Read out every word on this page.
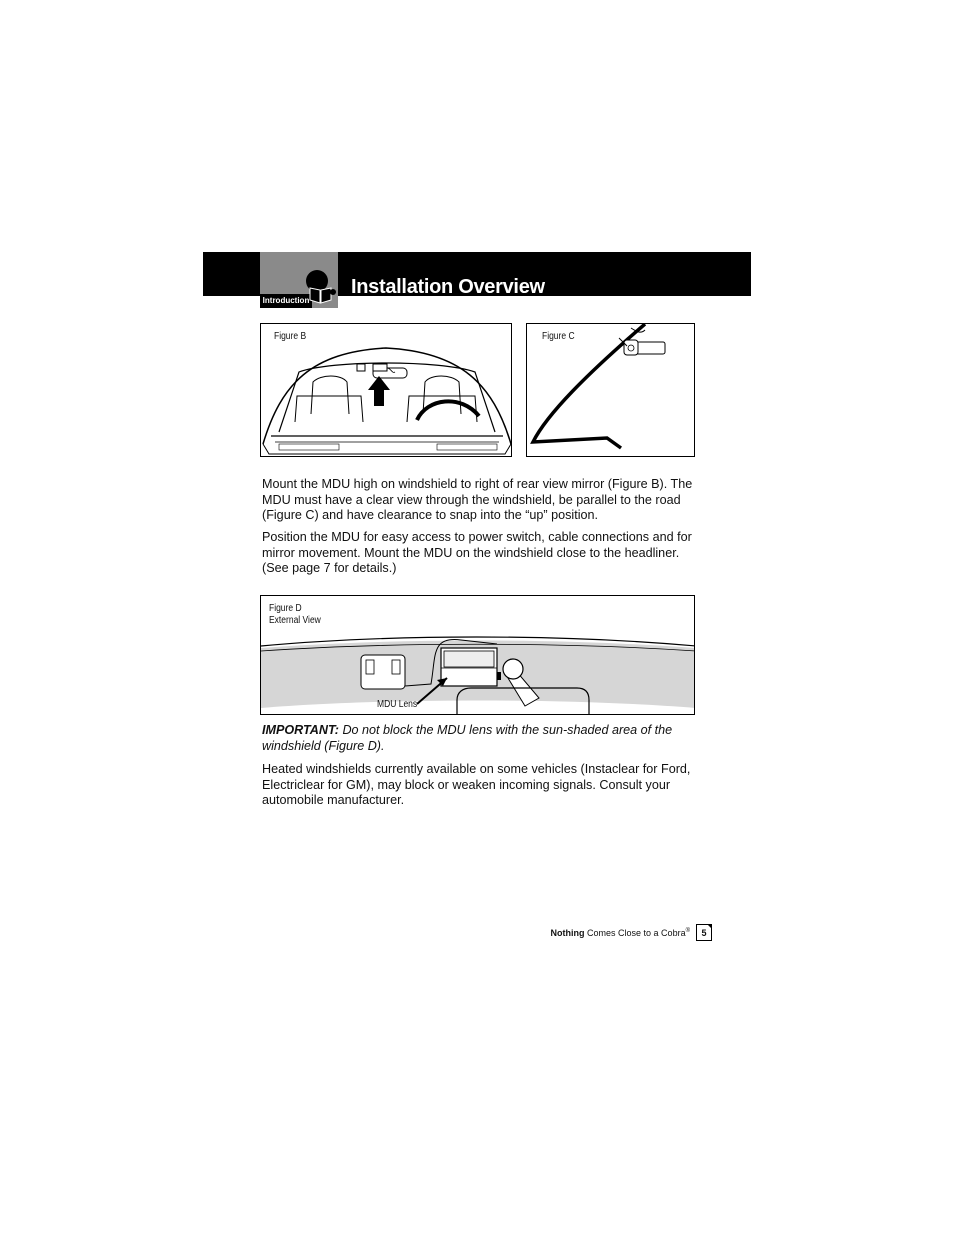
Introduction
Installation Overview
Figure B	Figure C

Mount the MDU high on windshield to right of rear view mirror (Figure B). The MDU must have a clear view through the windshield, be parallel to the road (Figure C) and have clearance to snap into the “up” position.

Position the MDU for easy access to power switch, cable connections and for mirror movement. Mount the MDU on the windshield close to the headliner. (See page 7 for details.)

Figure D
External View
MDU Lens

IMPORTANT: Do not block the MDU lens with the sun-shaded area of the windshield (Figure D).

Heated windshields currently available on some vehicles (Instaclear for Ford, Electriclear for GM), may block or weaken incoming signals. Consult your automobile manufacturer.

Nothing Comes Close to a Cobra®	5
